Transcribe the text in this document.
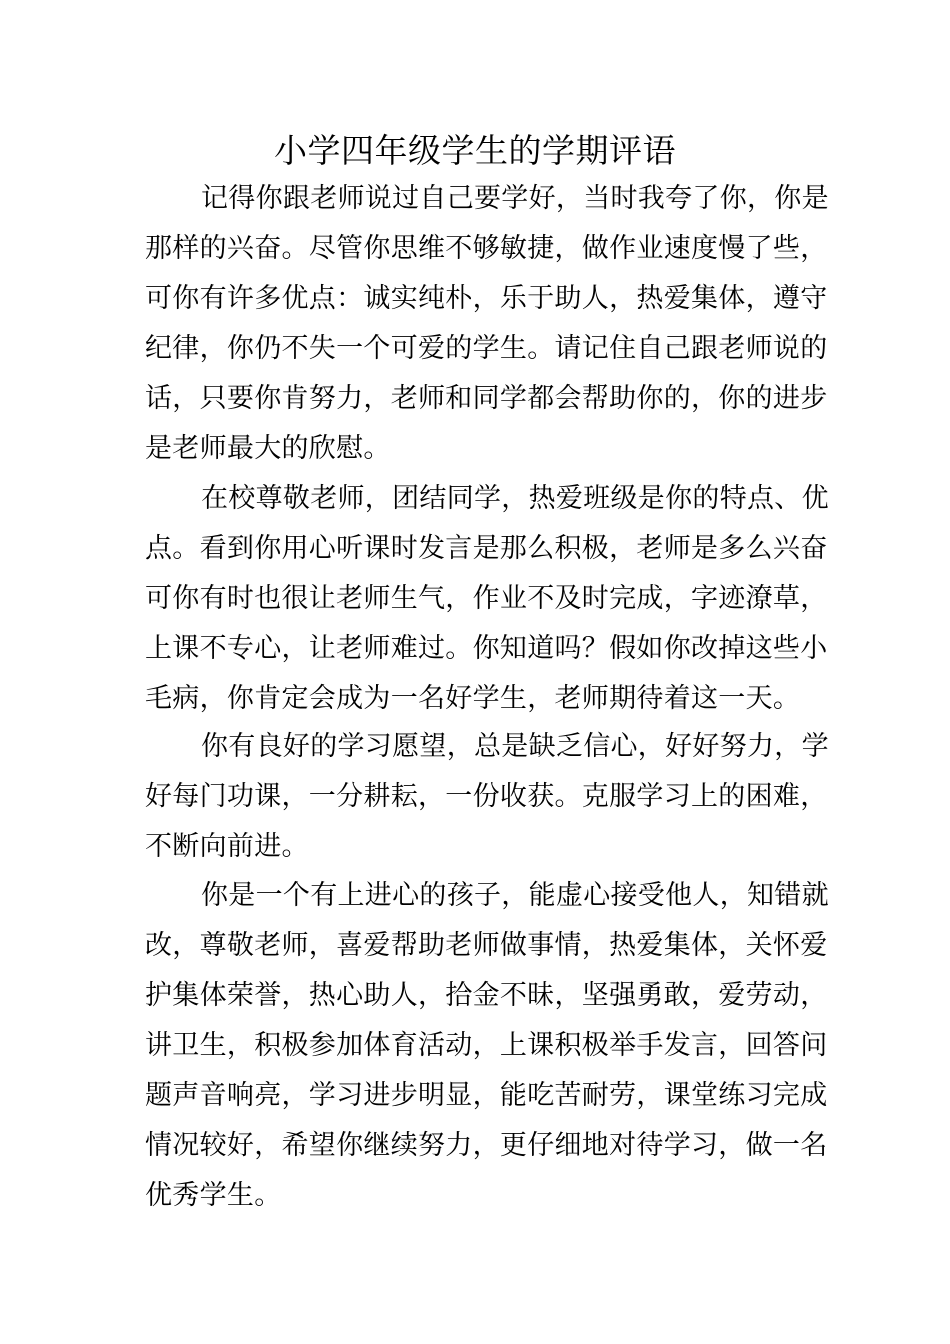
小学四年级学生的学期评语
记得你跟老师说过自己要学好，当时我夸了你，你是
那样的兴奋。尽管你思维不够敏捷，做作业速度慢了些，
可你有许多优点：诚实纯朴，乐于助人，热爱集体，遵守
纪律，你仍不失一个可爱的学生。请记住自己跟老师说的
话，只要你肯努力，老师和同学都会帮助你的，你的进步
是老师最大的欣慰。
在校尊敬老师，团结同学，热爱班级是你的特点、优
点。看到你用心听课时发言是那么积极，老师是多么兴奋
可你有时也很让老师生气，作业不及时完成，字迹潦草，
上课不专心，让老师难过。你知道吗？假如你改掉这些小
毛病，你肯定会成为一名好学生，老师期待着这一天。
你有良好的学习愿望，总是缺乏信心，好好努力，学
好每门功课，一分耕耘，一份收获。克服学习上的困难，
不断向前进。
你是一个有上进心的孩子，能虚心接受他人，知错就
改，尊敬老师，喜爱帮助老师做事情，热爱集体，关怀爱
护集体荣誉，热心助人，拾金不昧，坚强勇敢，爱劳动，
讲卫生，积极参加体育活动，上课积极举手发言，回答问
题声音响亮，学习进步明显，能吃苦耐劳，课堂练习完成
情况较好，希望你继续努力，更仔细地对待学习，做一名
优秀学生。
